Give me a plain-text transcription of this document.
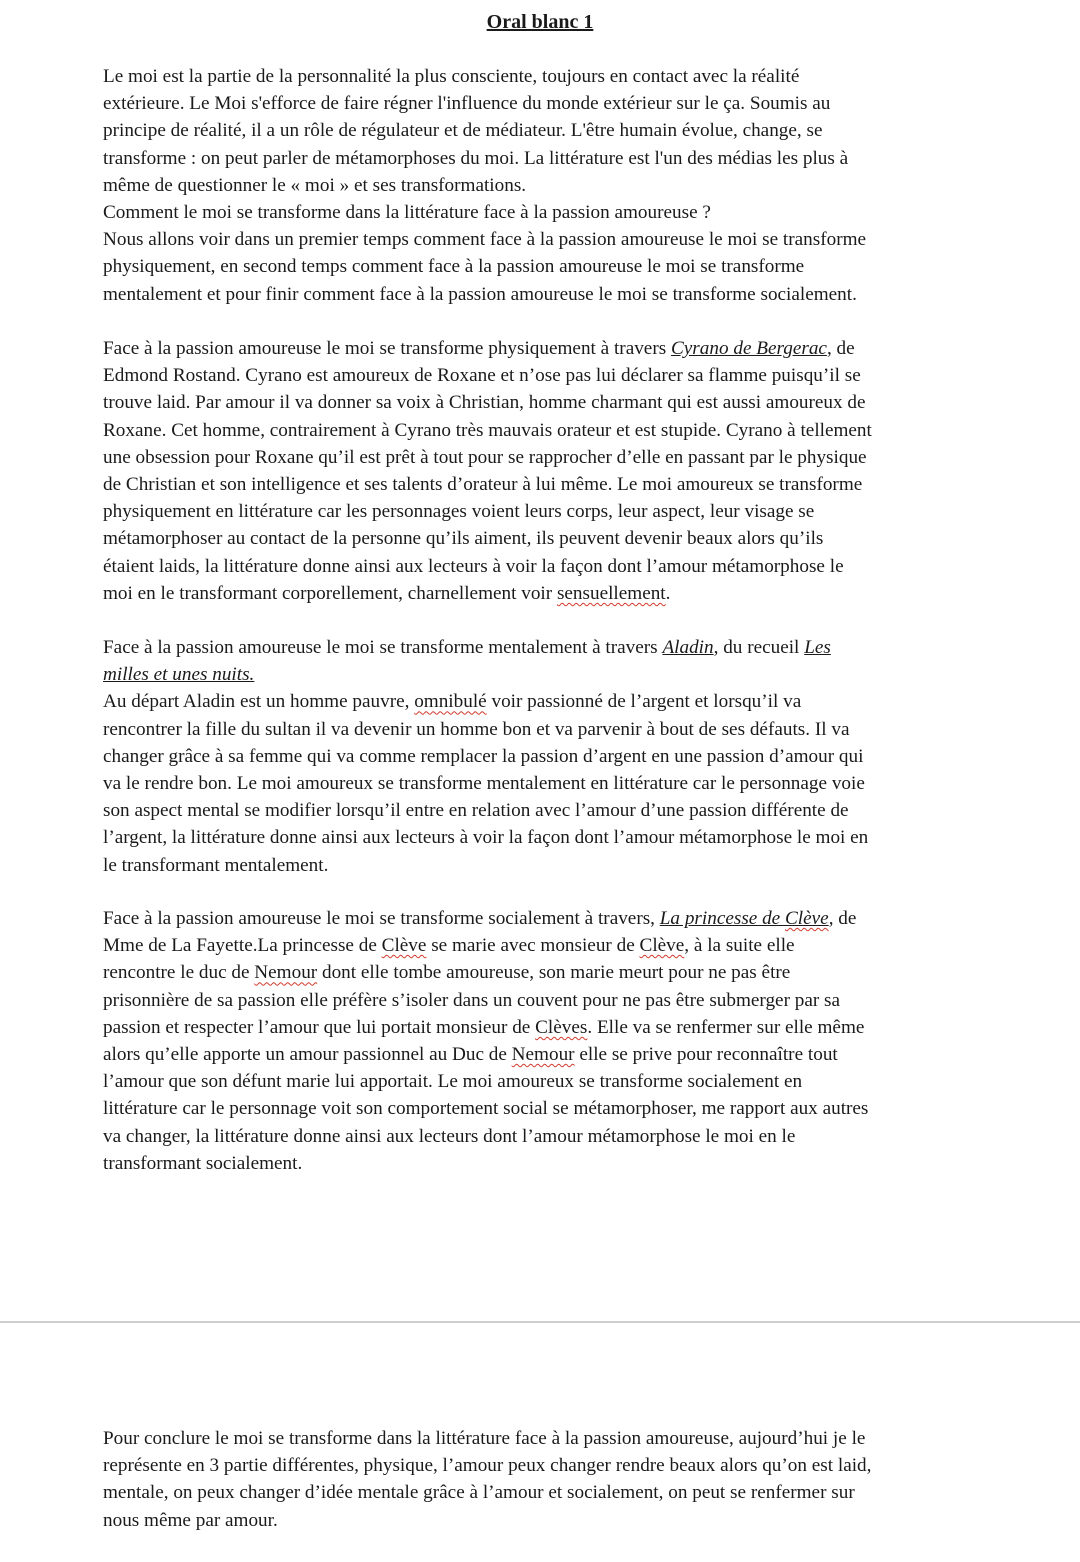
Oral blanc 1

Le moi est la partie de la personnalité la plus consciente, toujours en contact avec la réalité
extérieure. Le Moi s'efforce de faire régner l'influence du monde extérieur sur le ça. Soumis au
principe de réalité, il a un rôle de régulateur et de médiateur. L'être humain évolue, change, se
transforme : on peut parler de métamorphoses du moi. La littérature est l'un des médias les plus à
même de questionner le « moi » et ses transformations.
Comment le moi se transforme dans la littérature face à la passion amoureuse ?
Nous allons voir dans un premier temps comment face à la passion amoureuse le moi se transforme
physiquement, en second temps comment face à la passion amoureuse le moi se transforme
mentalement et pour finir comment face à la passion amoureuse le moi se transforme socialement.

Face à la passion amoureuse le moi se transforme physiquement à travers Cyrano de Bergerac, de
Edmond Rostand. Cyrano est amoureux de Roxane et n’ose pas lui déclarer sa flamme puisqu’il se
trouve laid. Par amour il va donner sa voix à Christian, homme charmant qui est aussi amoureux de
Roxane. Cet homme, contrairement à Cyrano très mauvais orateur et est stupide. Cyrano à tellement
une obsession pour Roxane qu’il est prêt à tout pour se rapprocher d’elle en passant par le physique
de Christian et son intelligence et ses talents d’orateur à lui même. Le moi amoureux se transforme
physiquement en littérature car les personnages voient leurs corps, leur aspect, leur visage se
métamorphoser au contact de la personne qu’ils aiment, ils peuvent devenir beaux alors qu’ils
étaient laids, la littérature donne ainsi aux lecteurs à voir la façon dont l’amour métamorphose le
moi en le transformant corporellement, charnellement voir sensuellement.

Face à la passion amoureuse le moi se transforme mentalement à travers Aladin, du recueil Les
milles et unes nuits.
Au départ Aladin est un homme pauvre, omnibulé voir passionné de l’argent et lorsqu’il va
rencontrer la fille du sultan il va devenir un homme bon et va parvenir à bout de ses défauts. Il va
changer grâce à sa femme qui va comme remplacer la passion d’argent en une passion d’amour qui
va le rendre bon. Le moi amoureux se transforme mentalement en littérature car le personnage voie
son aspect mental se modifier lorsqu’il entre en relation avec l’amour d’une passion différente de
l’argent, la littérature donne ainsi aux lecteurs à voir la façon dont l’amour métamorphose le moi en
le transformant mentalement.

Face à la passion amoureuse le moi se transforme socialement à travers, La princesse de Clève, de
Mme de La Fayette.La princesse de Clève se marie avec monsieur de Clève, à la suite elle
rencontre le duc de Nemour dont elle tombe amoureuse, son marie meurt pour ne pas être
prisonnière de sa passion elle préfère s’isoler dans un couvent pour ne pas être submerger par sa
passion et respecter l’amour que lui portait monsieur de Clèves. Elle va se renfermer sur elle même
alors qu’elle apporte un amour passionnel au Duc de Nemour elle se prive pour reconnaître tout
l’amour que son défunt marie lui apportait. Le moi amoureux se transforme socialement en
littérature car le personnage voit son comportement social se métamorphoser, me rapport aux autres
va changer, la littérature donne ainsi aux lecteurs dont l’amour métamorphose le moi en le
transformant socialement.

Pour conclure le moi se transforme dans la littérature face à la passion amoureuse, aujourd’hui je le
représente en 3 partie différentes, physique, l’amour peux changer rendre beaux alors qu’on est laid,
mentale, on peux changer d’idée mentale grâce à l’amour et socialement, on peut se renfermer sur
nous même par amour.
